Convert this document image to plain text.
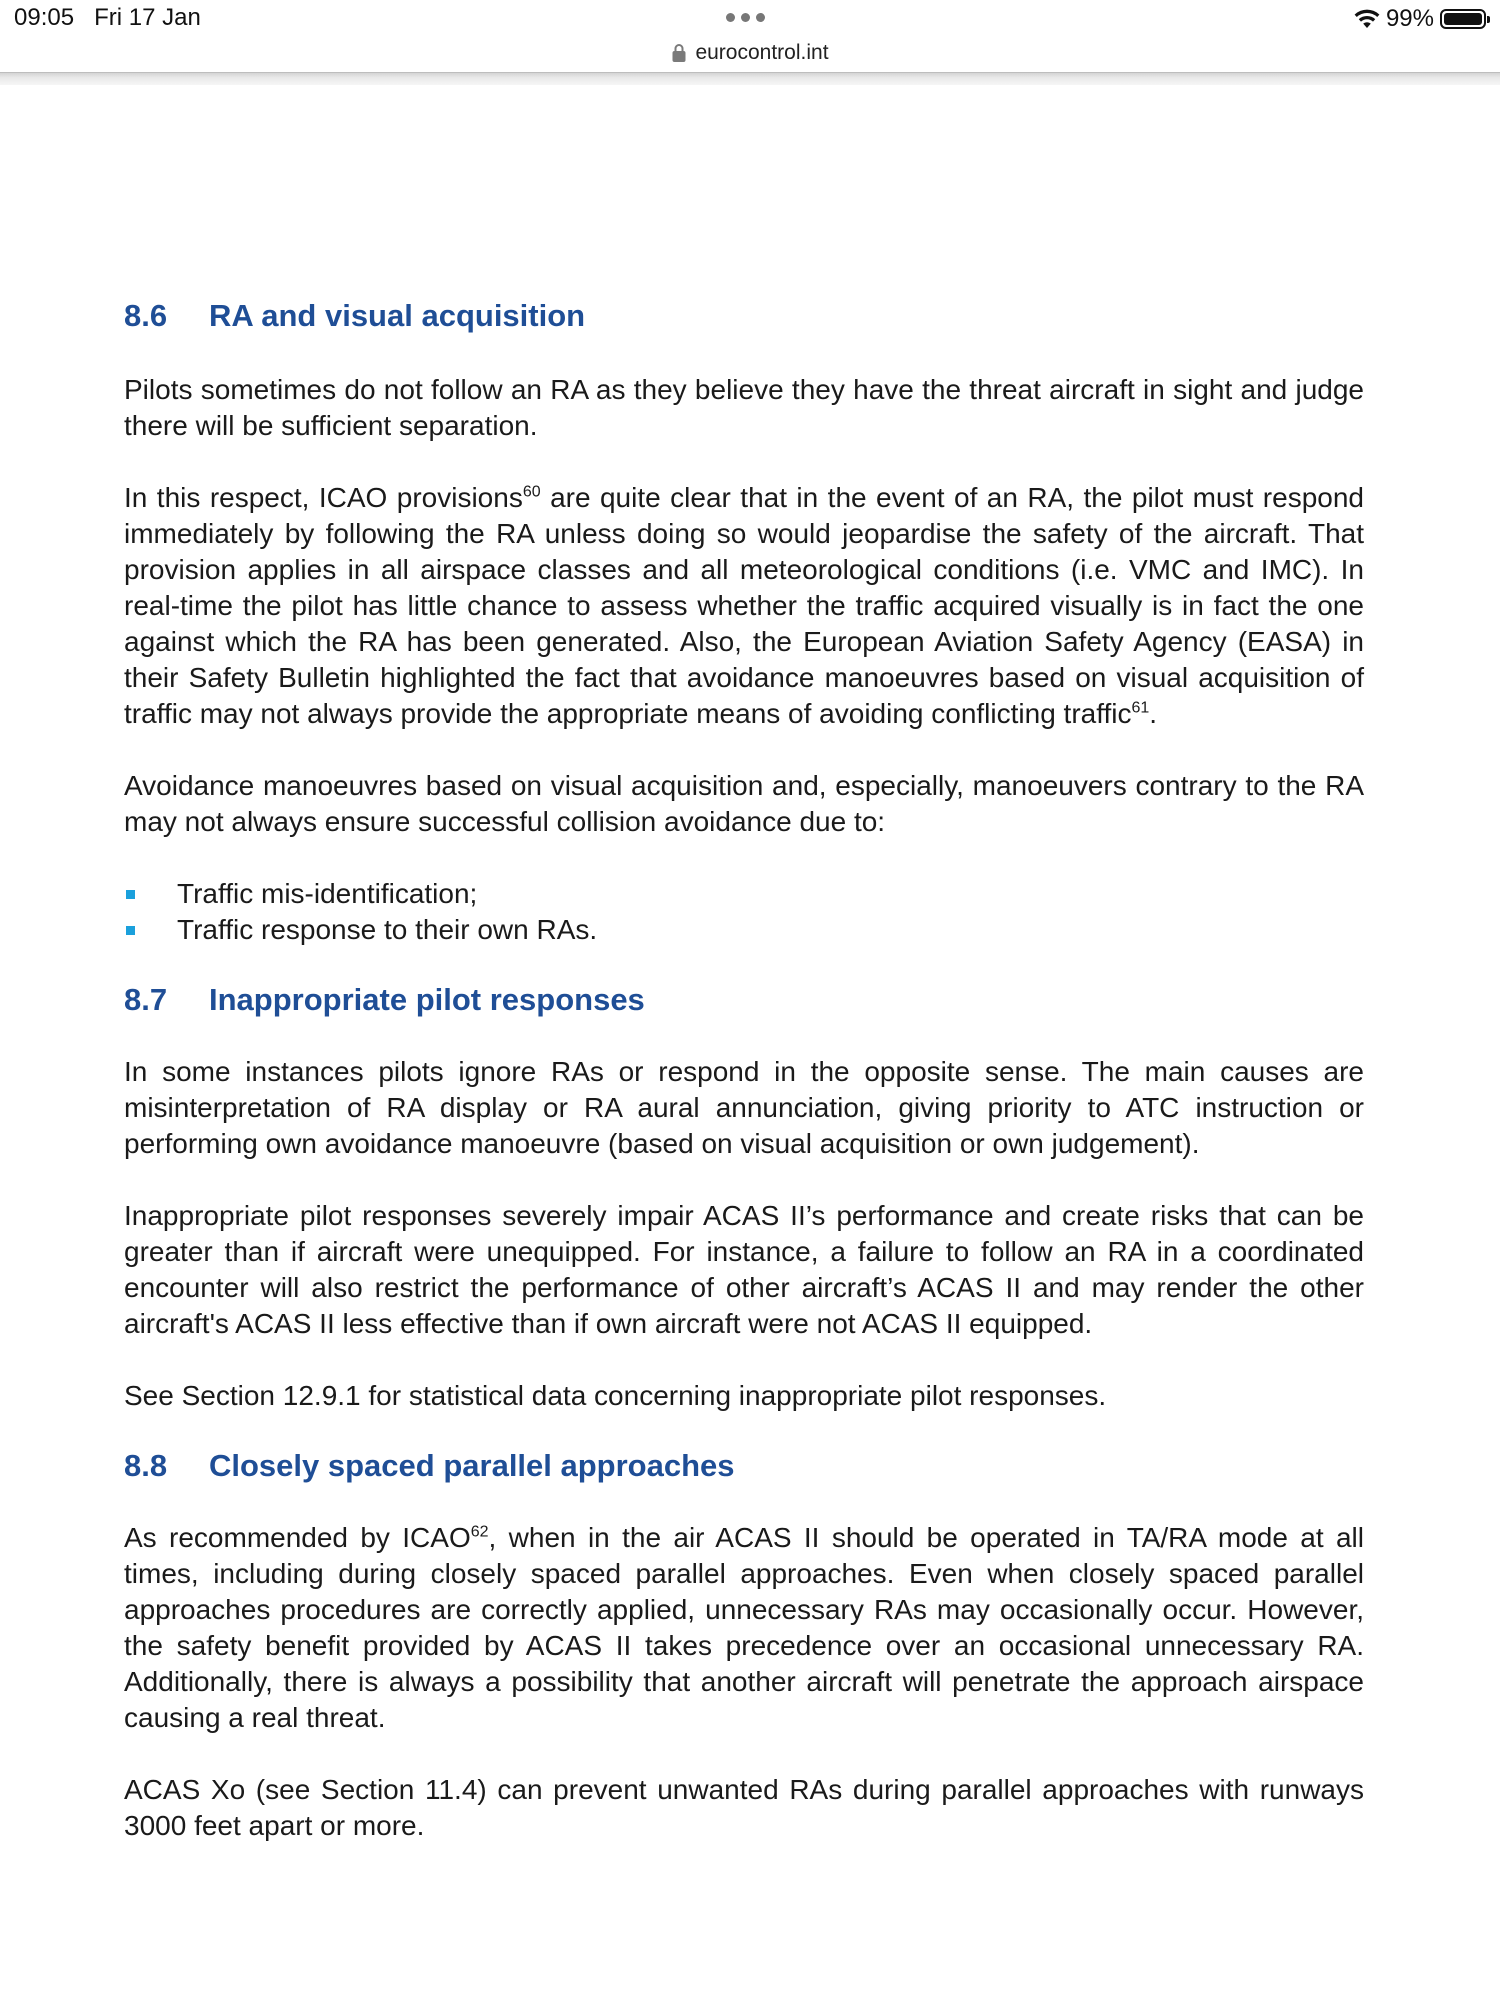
09:05 Fri 17 Jan	99%
eurocontrol.int
8.6	RA and visual acquisition

Pilots sometimes do not follow an RA as they believe they have the threat aircraft in sight and judge there will be sufficient separation.

In this respect, ICAO provisions$^{60}$ are quite clear that in the event of an RA, the pilot must respond immediately by following the RA unless doing so would jeopardise the safety of the aircraft. That provision applies in all airspace classes and all meteorological conditions (i.e. VMC and IMC). In real-time the pilot has little chance to assess whether the traffic acquired visually is in fact the one against which the RA has been generated. Also, the European Aviation Safety Agency (EASA) in their Safety Bulletin highlighted the fact that avoidance manoeuvres based on visual acquisition of traffic may not always provide the appropriate means of avoiding conflicting traffic$^{61}$.

Avoidance manoeuvres based on visual acquisition and, especially, manoeuvers contrary to the RA may not always ensure successful collision avoidance due to:

Traffic mis-identification;
Traffic response to their own RAs.
8.7	Inappropriate pilot responses

In some instances pilots ignore RAs or respond in the opposite sense. The main causes are misinterpretation of RA display or RA aural annunciation, giving priority to ATC instruction or performing own avoidance manoeuvre (based on visual acquisition or own judgement).

Inappropriate pilot responses severely impair ACAS II’s performance and create risks that can be greater than if aircraft were unequipped. For instance, a failure to follow an RA in a coordinated encounter will also restrict the performance of other aircraft’s ACAS II and may render the other aircraft's ACAS II less effective than if own aircraft were not ACAS II equipped.

See Section 12.9.1 for statistical data concerning inappropriate pilot responses.

8.8	Closely spaced parallel approaches

As recommended by ICAO$^{62}$, when in the air ACAS II should be operated in TA/RA mode at all times, including during closely spaced parallel approaches. Even when closely spaced parallel approaches procedures are correctly applied, unnecessary RAs may occasionally occur. However, the safety benefit provided by ACAS II takes precedence over an occasional unnecessary RA. Additionally, there is always a possibility that another aircraft will penetrate the approach airspace causing a real threat.

ACAS Xo (see Section 11.4) can prevent unwanted RAs during parallel approaches with runways 3000 feet apart or more.
